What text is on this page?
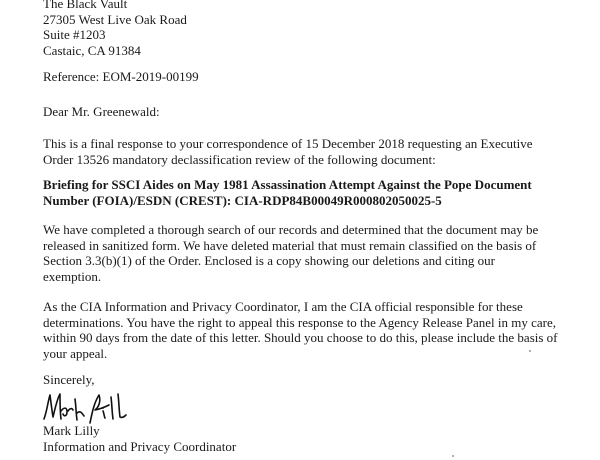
The Black Vault
27305 West Live Oak Road
Suite #1203
Castaic, CA 91384
Reference: EOM-2019-00199
Dear Mr. Greenewald:
This is a final response to your correspondence of 15 December 2018 requesting an Executive
Order 13526 mandatory declassification review of the following document:
Briefing for SSCI Aides on May 1981 Assassination Attempt Against the Pope Document
Number (FOIA)/ESDN (CREST): CIA-RDP84B00049R000802050025-5
We have completed a thorough search of our records and determined that the document may be
released in sanitized form. We have deleted material that must remain classified on the basis of
Section 3.3(b)(1) of the Order. Enclosed is a copy showing our deletions and citing our
exemption.
As the CIA Information and Privacy Coordinator, I am the CIA official responsible for these
determinations. You have the right to appeal this response to the Agency Release Panel in my care,
within 90 days from the date of this letter. Should you choose to do this, please include the basis of
your appeal.
Sincerely,
Mark Lilly
Information and Privacy Coordinator
